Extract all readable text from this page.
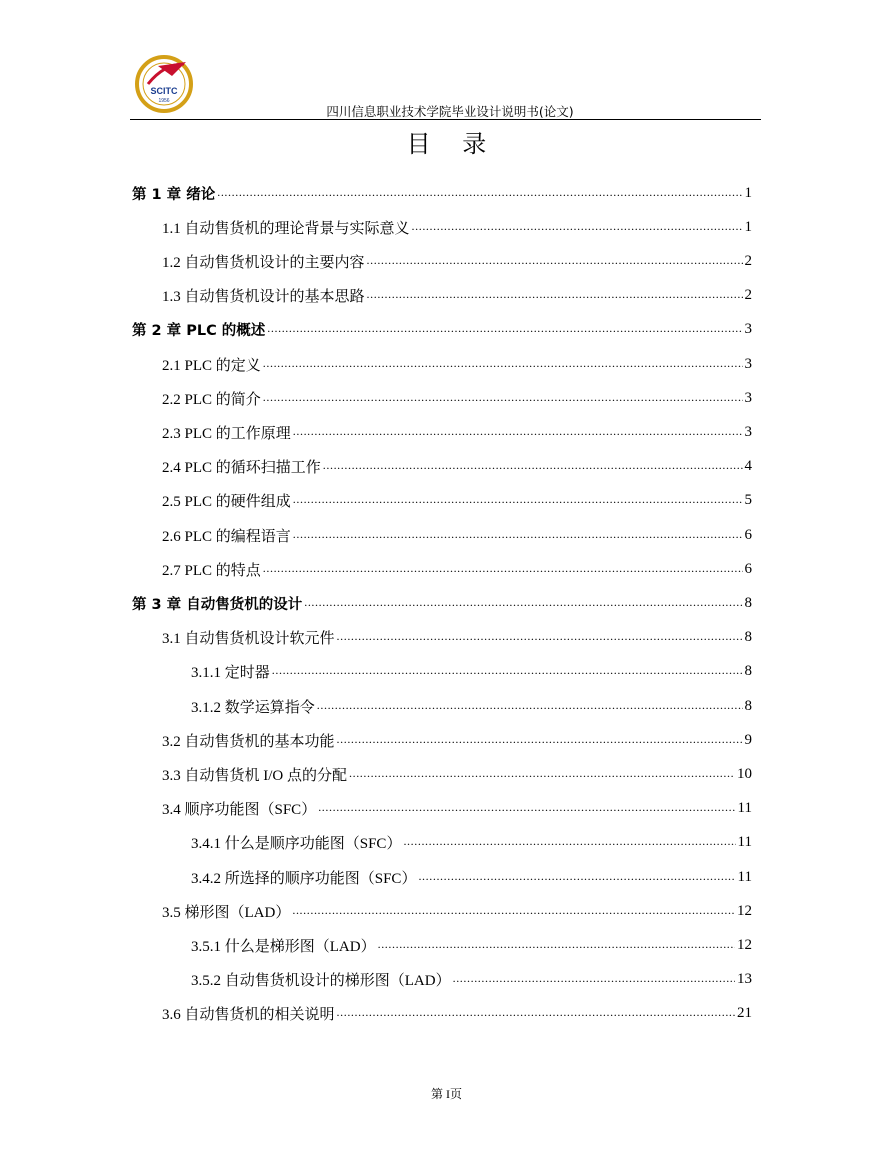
SCITC
1956
四川信息职业技术学院毕业设计说明书(论文)
目 录
第 1 章 绪论 .....	1
1.1 自动售货机的理论背景与实际意义 .....	1
1.2 自动售货机设计的主要内容 .....	2
1.3 自动售货机设计的基本思路 .....	2
第 2 章 PLC 的概述 .....	3
2.1 PLC 的定义 .....	3
2.2 PLC 的简介 .....	3
2.3 PLC 的工作原理 .....	3
2.4 PLC 的循环扫描工作 .....	4
2.5 PLC 的硬件组成 .....	5
2.6 PLC 的编程语言 .....	6
2.7 PLC 的特点 .....	6
第 3 章 自动售货机的设计 .....	8
3.1 自动售货机设计软元件 .....	8
3.1.1 定时器 .....	8
3.1.2 数学运算指令 .....	8
3.2 自动售货机的基本功能 .....	9
3.3 自动售货机 I/O 点的分配 .....	10
3.4 顺序功能图（SFC） .....	11
3.4.1 什么是顺序功能图（SFC） .....	11
3.4.2 所选择的顺序功能图（SFC） .....	11
3.5 梯形图（LAD） .....	12
3.5.1 什么是梯形图（LAD） .....	12
3.5.2 自动售货机设计的梯形图（LAD） .....	13
3.6 自动售货机的相关说明 .....	21
第 I页
